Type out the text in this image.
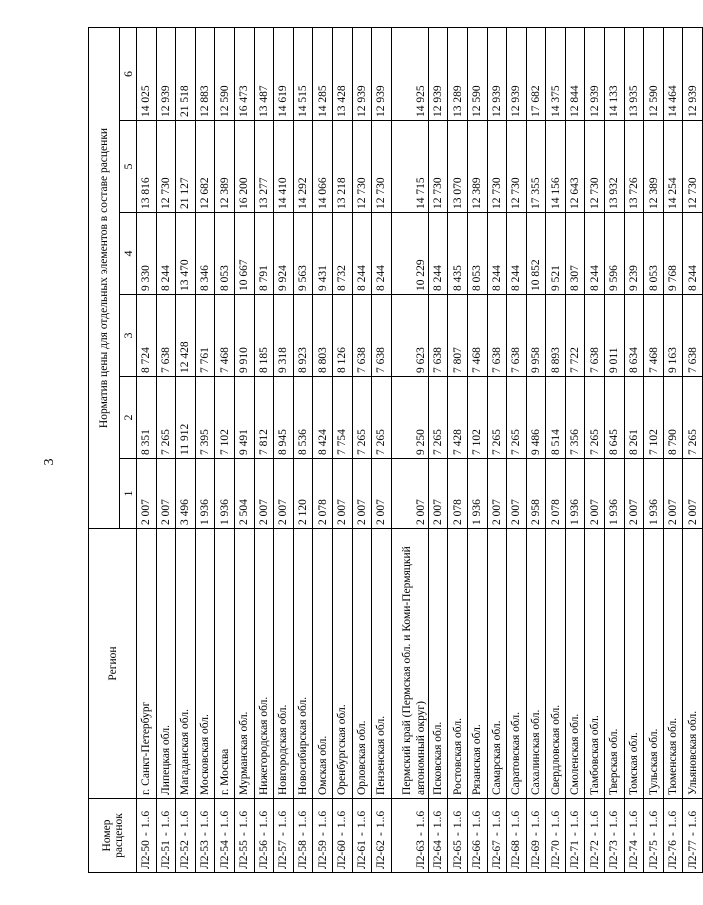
3
Номер расценок	Регион	Норматив цены для отдельных элементов в составе расценки					
		1	2	3	4	5	6
Л2-50-1..6	г. Санкт-Петербург	2 007	8 351	8 724	9 330	13 816	14 025
Л2-51-1..6	Липецкая обл.	2 007	7 265	7 638	8 244	12 730	12 939
Л2-52-1..6	Магаданская обл.	3 496	11 912	12 428	13 470	21 127	21 518
Л2-53-1..6	Московская обл.	1 936	7 395	7 761	8 346	12 682	12 883
Л2-54-1..6	г. Москва	1 936	7 102	7 468	8 053	12 389	12 590
Л2-55-1..6	Мурманская обл.	2 504	9 491	9 910	10 667	16 200	16 473
Л2-56-1..6	Нижегородская обл.	2 007	7 812	8 185	8 791	13 277	13 487
Л2-57-1..6	Новгородская обл.	2 007	8 945	9 318	9 924	14 410	14 619
Л2-58-1..6	Новосибирская обл.	2 120	8 536	8 923	9 563	14 292	14 515
Л2-59-1..6	Омская обл.	2 078	8 424	8 803	9 431	14 066	14 285
Л2-60-1..6	Оренбургская обл.	2 007	7 754	8 126	8 732	13 218	13 428
Л2-61-1..6	Орловская обл.	2 007	7 265	7 638	8 244	12 730	12 939
Л2-62-1..6	Пензенская обл.	2 007	7 265	7 638	8 244	12 730	12 939
Л2-63-1..6	Пермский край (Пермская обл. и Коми-Пермяцкий автономный округ)	2 007	9 250	9 623	10 229	14 715	14 925
Л2-64-1..6	Псковская обл.	2 007	7 265	7 638	8 244	12 730	12 939
Л2-65-1..6	Ростовская обл.	2 078	7 428	7 807	8 435	13 070	13 289
Л2-66-1..6	Рязанская обл.	1 936	7 102	7 468	8 053	12 389	12 590
Л2-67-1..6	Самарская обл.	2 007	7 265	7 638	8 244	12 730	12 939
Л2-68-1..6	Саратовская обл.	2 007	7 265	7 638	8 244	12 730	12 939
Л2-69-1..6	Сахалинская обл.	2 958	9 486	9 958	10 852	17 355	17 682
Л2-70-1..6	Свердловская обл.	2 078	8 514	8 893	9 521	14 156	14 375
Л2-71-1..6	Смоленская обл.	1 936	7 356	7 722	8 307	12 643	12 844
Л2-72-1..6	Тамбовская обл.	2 007	7 265	7 638	8 244	12 730	12 939
Л2-73-1..6	Тверская обл.	1 936	8 645	9 011	9 596	13 932	14 133
Л2-74-1..6	Томская обл.	2 007	8 261	8 634	9 239	13 726	13 935
Л2-75-1..6	Тульская обл.	1 936	7 102	7 468	8 053	12 389	12 590
Л2-76-1..6	Тюменская обл.	2 007	8 790	9 163	9 768	14 254	14 464
Л2-77-1..6	Ульяновская обл.	2 007	7 265	7 638	8 244	12 730	12 939
